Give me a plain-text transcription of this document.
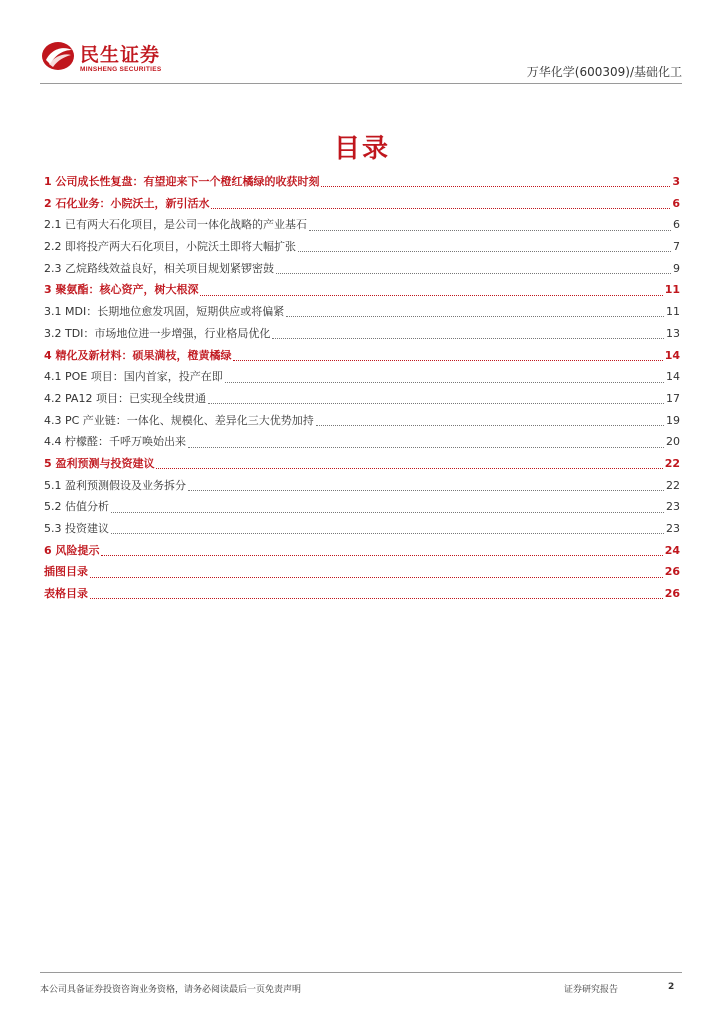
民生证券
MINSHENG SECURITIES	万华化学(600309)/基础化工
目录
1 公司成长性复盘：有望迎来下一个橙红橘绿的收获时刻	3
2 石化业务：小院沃土，新引活水	6
2.1 已有两大石化项目，是公司一体化战略的产业基石	6
2.2 即将投产两大石化项目，小院沃土即将大幅扩张	7
2.3 乙烷路线效益良好，相关项目规划紧锣密鼓	9
3 聚氨酯：核心资产，树大根深	11
3.1 MDI：长期地位愈发巩固，短期供应或将偏紧	11
3.2 TDI：市场地位进一步增强，行业格局优化	13
4 精化及新材料：硕果满枝，橙黄橘绿	14
4.1 POE 项目：国内首家，投产在即	14
4.2 PA12 项目：已实现全线贯通	17
4.3 PC 产业链：一体化、规模化、差异化三大优势加持	19
4.4 柠檬醛：千呼万唤始出来	20
5 盈利预测与投资建议	22
5.1 盈利预测假设及业务拆分	22
5.2 估值分析	23
5.3 投资建议	23
6 风险提示	24
插图目录	26
表格目录	26
本公司具备证券投资咨询业务资格，请务必阅读最后一页免责声明	证券研究报告	2
